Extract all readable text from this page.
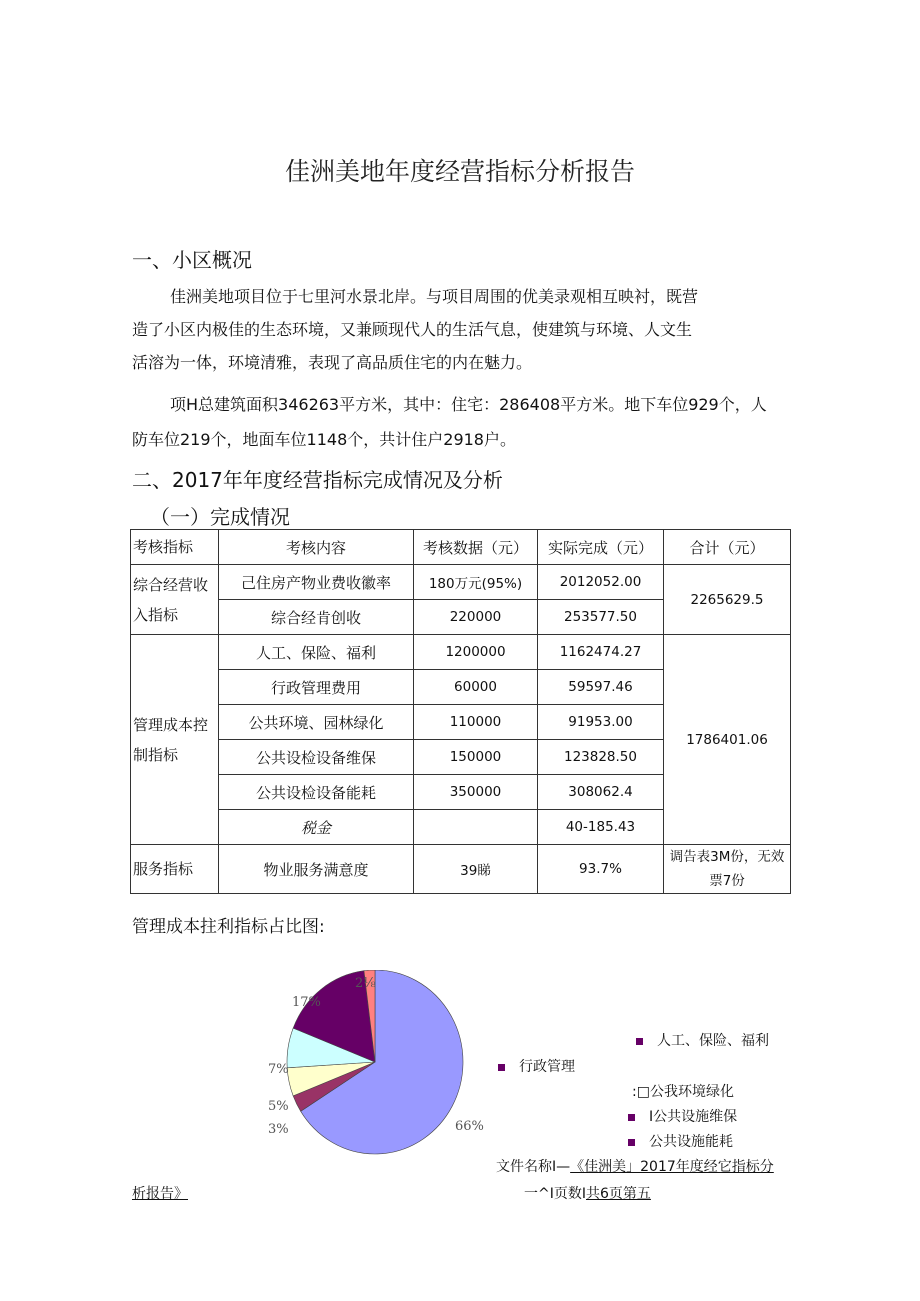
佳洲美地年度经营指标分析报告
一、小区概况
佳洲美地项目位于七里河水景北岸。与项目周围的优美录观相互映衬，既营
造了小区内极佳的生态环境，又兼顾现代人的生活气息，使建筑与环境、人文生
活溶为一体，环境清雅，表现了高品质住宅的内在魅力。
项H总建筑面积346263平方米，其中：住宅：286408平方米。地下车位929个，人
防车位219个，地面车位1148个，共计住户2918户。
二、2017年年度经营指标完成情况及分析
（一）完成情况
考核指标	考核内容	考核数据（元）	实际完成（元）	合计（元）
综合经营收入指标	己住房产物业费收徽率	180万元(95%)	2012052.00	2265629.5
	综合经肯创收	220000	253577.50	
管理成本控制指标	人工、保险、福利	1200000	1162474.27	1786401.06
	行政管理费用	60000	59597.46	
	公共环境、园林绿化	110000	91953.00	
	公共设检设备维保	150000	123828.50	
	公共设检设备能耗	350000	308062.4	
	税金		40-185.43	
服务指标	物业服务满意度	39睇	93.7%	调告表3M份，无效票7份
管理成本拄利指标占比图:
66%
3%
5%
7%
17%
2⅛
人工、保险、福利
行政管理
:□公我环境绿化
I公共设施维保
公共设施能耗
文件名称I—《佳洲美」2017年度经它指标分
析报告》	一^I页数I共6页第五
